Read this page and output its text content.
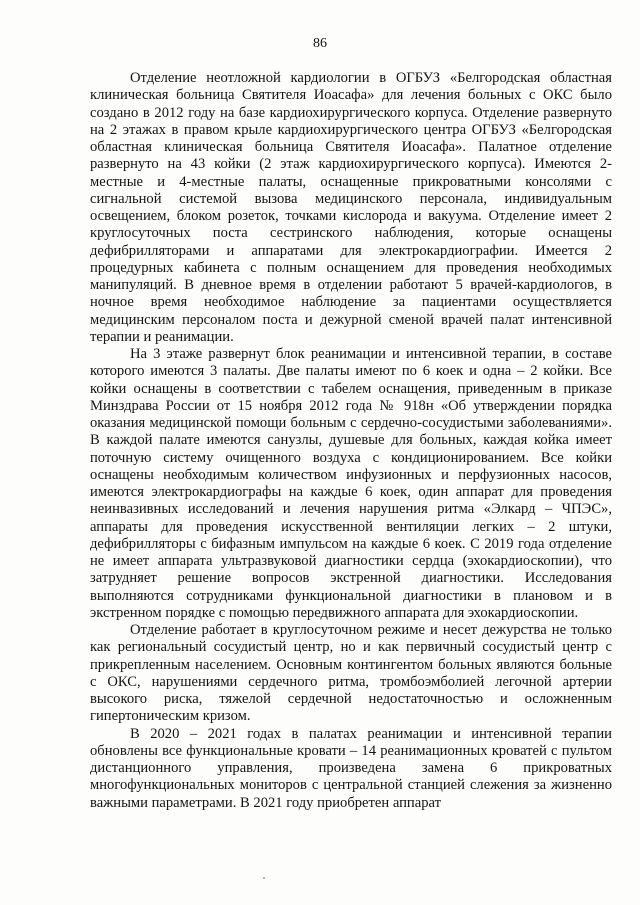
86

Отделение неотложной кардиологии в ОГБУЗ «Белгородская областная клиническая больница Святителя Иоасафа» для лечения больных с ОКС было создано в 2012 году на базе кардиохирургического корпуса. Отделение развернуто на 2 этажах в правом крыле кардиохирургического центра ОГБУЗ «Белгородская областная клиническая больница Святителя Иоасафа». Палатное отделение развернуто на 43 койки (2 этаж кардиохирургического корпуса). Имеются 2-местные и 4-местные палаты, оснащенные прикроватными консолями с сигнальной системой вызова медицинского персонала, индивидуальным освещением, блоком розеток, точками кислорода и вакуума. Отделение имеет 2 круглосуточных поста сестринского наблюдения, которые оснащены дефибрилляторами и аппаратами для электрокардиографии. Имеется 2 процедурных кабинета с полным оснащением для проведения необходимых манипуляций. В дневное время в отделении работают 5 врачей-кардиологов, в ночное время необходимое наблюдение за пациентами осуществляется медицинским персоналом поста и дежурной сменой врачей палат интенсивной терапии и реанимации.

На 3 этаже развернут блок реанимации и интенсивной терапии, в составе которого имеются 3 палаты. Две палаты имеют по 6 коек и одна – 2 койки. Все койки оснащены в соответствии с табелем оснащения, приведенным в приказе Минздрава России от 15 ноября 2012 года № 918н «Об утверждении порядка оказания медицинской помощи больным с сердечно-сосудистыми заболеваниями». В каждой палате имеются санузлы, душевые для больных, каждая койка имеет поточную систему очищенного воздуха с кондиционированием. Все койки оснащены необходимым количеством инфузионных и перфузионных насосов, имеются электрокардиографы на каждые 6 коек, один аппарат для проведения неинвазивных исследований и лечения нарушения ритма «Элкард – ЧПЭС», аппараты для проведения искусственной вентиляции легких – 2 штуки, дефибрилляторы с бифазным импульсом на каждые 6 коек. С 2019 года отделение не имеет аппарата ультразвуковой диагностики сердца (эхокардиоскопии), что затрудняет решение вопросов экстренной диагностики. Исследования выполняются сотрудниками функциональной диагностики в плановом и в экстренном порядке с помощью передвижного аппарата для эхокардиоскопии.

Отделение работает в круглосуточном режиме и несет дежурства не только как региональный сосудистый центр, но и как первичный сосудистый центр с прикрепленным населением. Основным контингентом больных являются больные с ОКС, нарушениями сердечного ритма, тромбоэмболией легочной артерии высокого риска, тяжелой сердечной недостаточностью и осложненным гипертоническим кризом.

В 2020 – 2021 годах в палатах реанимации и интенсивной терапии обновлены все функциональные кровати – 14 реанимационных кроватей с пультом дистанционного управления, произведена замена 6 прикроватных многофункциональных мониторов с центральной станцией слежения за жизненно важными параметрами. В 2021 году приобретен аппарат
